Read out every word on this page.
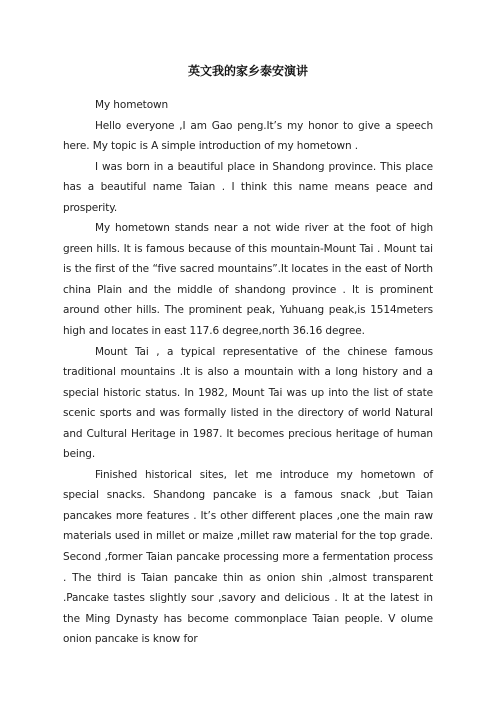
英文我的家乡泰安演讲

My hometown

Hello everyone ,I am Gao peng.It’s my honor to give a speech here. My topic is A simple introduction of my hometown .

I was born in a beautiful place in Shandong province. This place has a beautiful name Taian . I think this name means peace and prosperity.

My hometown stands near a not wide river at the foot of high green hills. It is famous because of this mountain-Mount Tai . Mount tai is the first of the “five sacred mountains”.It locates in the east of North china Plain and the middle of shandong province . It is prominent around other hills. The prominent peak, Yuhuang peak,is 1514meters high and locates in east 117.6 degree,north 36.16 degree.

Mount Tai , a typical representative of the chinese famous traditional mountains .It is also a mountain with a long history and a special historic status. In 1982, Mount Tai was up into the list of state scenic sports and was formally listed in the directory of world Natural and Cultural Heritage in 1987. It becomes precious heritage of human being.

Finished historical sites, let me introduce my hometown of special snacks. Shandong pancake is a famous snack ,but Taian pancakes more features . It’s other different places ,one the main raw materials used in millet or maize ,millet raw material for the top grade. Second ,former Taian pancake processing more a fermentation process . The third is Taian pancake thin as onion shin ,almost transparent .Pancake tastes slightly sour ,savory and delicious . It at the latest in the Ming Dynasty has become commonplace Taian people. V olume onion pancake is know for
